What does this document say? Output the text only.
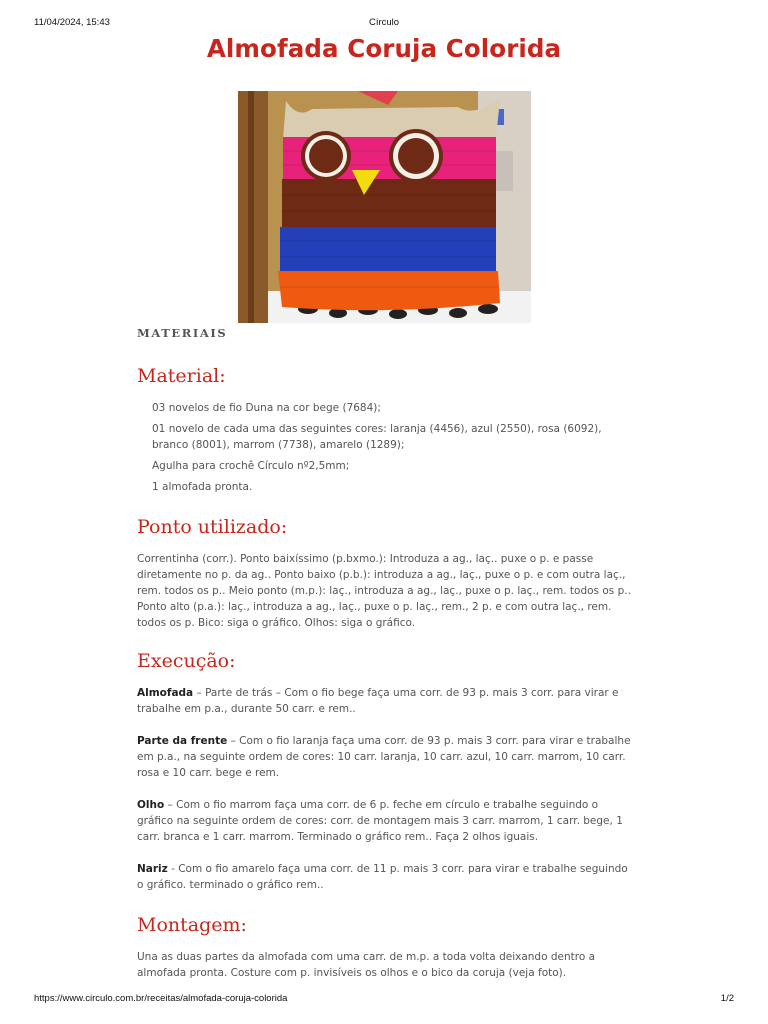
11/04/2024, 15:43	Círculo
Almofada Coruja Colorida
MATERIAIS
Material:
03 novelos de fio Duna na cor bege (7684);
01 novelo de cada uma das seguintes cores: laranja (4456), azul (2550), rosa (6092), branco (8001), marrom (7738), amarelo (1289);
Agulha para crochê Círculo nº2,5mm;
1 almofada pronta.
Ponto utilizado:

Correntinha (corr.). Ponto baixíssimo (p.bxmo.): Introduza a ag., laç.. puxe o p. e passe diretamente no p. da ag.. Ponto baixo (p.b.): introduza a ag., laç., puxe o p. e com outra laç., rem. todos os p.. Meio ponto (m.p.): laç., introduza a ag., laç., puxe o p. laç., rem. todos os p.. Ponto alto (p.a.): laç., introduza a ag., laç., puxe o p. laç., rem., 2 p. e com outra laç., rem. todos os p. Bico: siga o gráfico. Olhos: siga o gráfico.

Execução:

Almofada – Parte de trás – Com o fio bege faça uma corr. de 93 p. mais 3 corr. para virar e trabalhe em p.a., durante 50 carr. e rem..

Parte da frente – Com o fio laranja faça uma corr. de 93 p. mais 3 corr. para virar e trabalhe em p.a., na seguinte ordem de cores: 10 carr. laranja, 10 carr. azul, 10 carr. marrom, 10 carr. rosa e 10 carr. bege e rem.

Olho – Com o fio marrom faça uma corr. de 6 p. feche em círculo e trabalhe seguindo o gráfico na seguinte ordem de cores: corr. de montagem mais 3 carr. marrom, 1 carr. bege, 1 carr. branca e 1 carr. marrom. Terminado o gráfico rem.. Faça 2 olhos iguais.

Nariz - Com o fio amarelo faça uma corr. de 11 p. mais 3 corr. para virar e trabalhe seguindo o gráfico. terminado o gráfico rem..

Montagem:

Una as duas partes da almofada com uma carr. de m.p. a toda volta deixando dentro a almofada pronta. Costure com p. invisíveis os olhos e o bico da coruja (veja foto).

https://www.circulo.com.br/receitas/almofada-coruja-colorida	1/2
